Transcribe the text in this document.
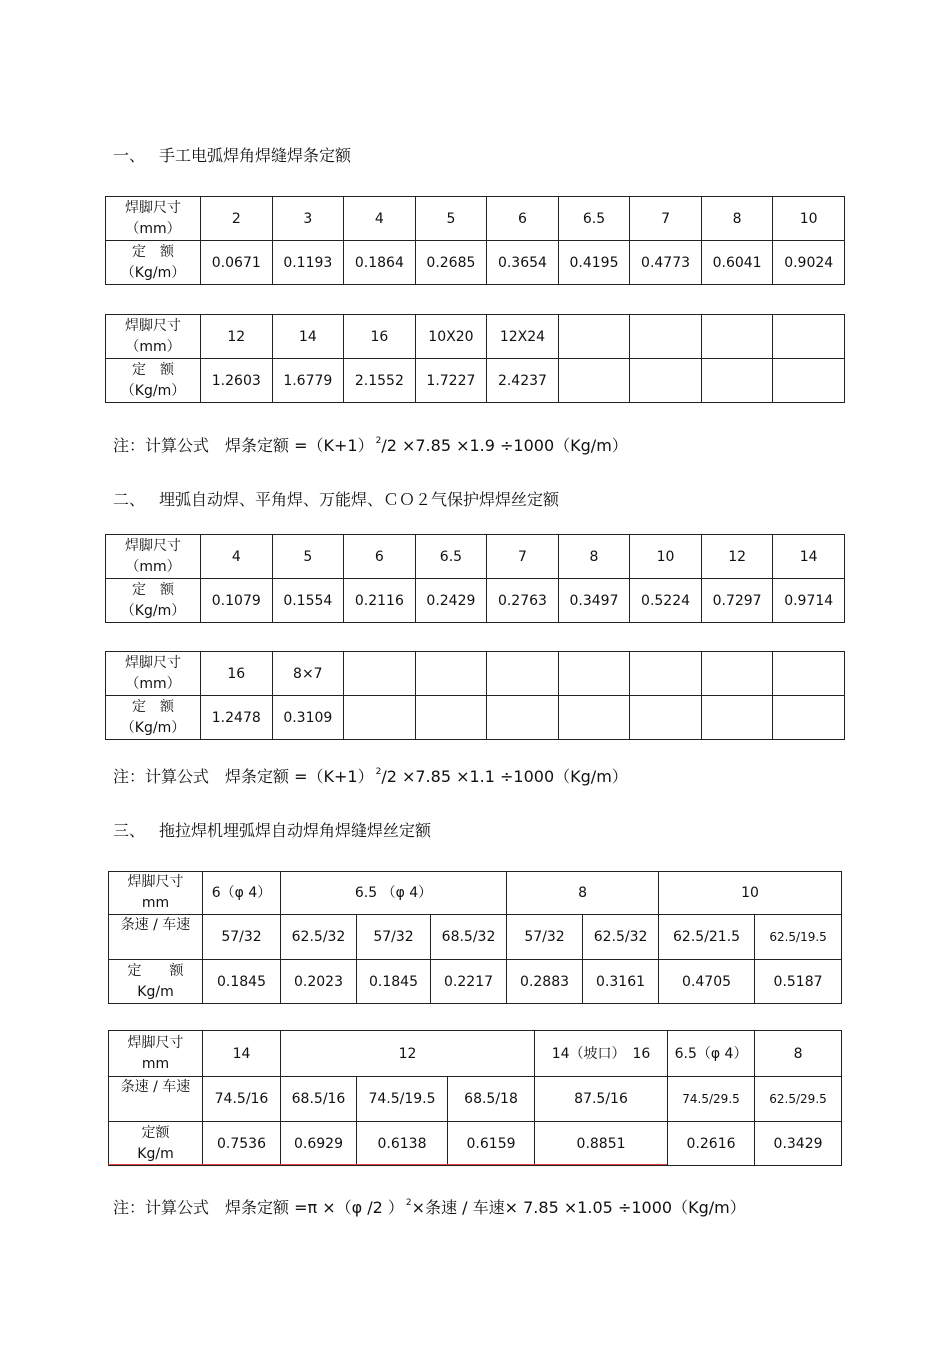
一、 手工电弧焊角焊缝焊条定额
焊脚尺寸
（mm）	2	3	4	5	6	6.5	7	8	10

定　额
（Kg/m）	0.0671	0.1193	0.1864	0.2685	0.3654	0.4195	0.4773	0.6041	0.9024
焊脚尺寸
（mm）	12	14	16	10X20	12X24				

定　额
（Kg/m）	1.2603	1.6779	2.1552	1.7227	2.4237				
注：计算公式　焊条定额 =（K+1） $^2$/2 ×7.85 ×1.9 ÷1000（Kg/m）
二、 埋弧自动焊、平角焊、万能焊、ＣＯ２气保护焊焊丝定额
焊脚尺寸
（mm）	4	5	6	6.5	7	8	10	12	14

定　额
（Kg/m）	0.1079	0.1554	0.2116	0.2429	0.2763	0.3497	0.5224	0.7297	0.9714
焊脚尺寸
（mm）	16	8×7							

定　额
（Kg/m）	1.2478	0.3109							
注：计算公式　焊条定额 =（K+1） $^2$/2 ×7.85 ×1.1 ÷1000（Kg/m）
三、 拖拉焊机埋弧焊自动焊角焊缝焊丝定额
焊脚尺寸
mm	6（φ 4）	6.5 （φ 4）			8		10	
条速 / 车速	57/32	62.5/32	57/32	68.5/32	57/32	62.5/32	62.5/21.5	62.5/19.5

定　　额
Kg/m	0.1845	0.2023	0.1845	0.2217	0.2883	0.3161	0.4705	0.5187
焊脚尺寸
mm	14	12			14（坡口）　16	6.5（φ 4）	8
条速 / 车速	74.5/16	68.5/16	74.5/19.5	68.5/18	87.5/16	74.5/29.5	62.5/29.5

定额
Kg/m	0.7536	0.6929	0.6138	0.6159	0.8851	0.2616	0.3429
注：计算公式　焊条定额 =π ×（φ /2 ） $^2$×条速 / 车速× 7.85 ×1.05 ÷1000（Kg/m）
